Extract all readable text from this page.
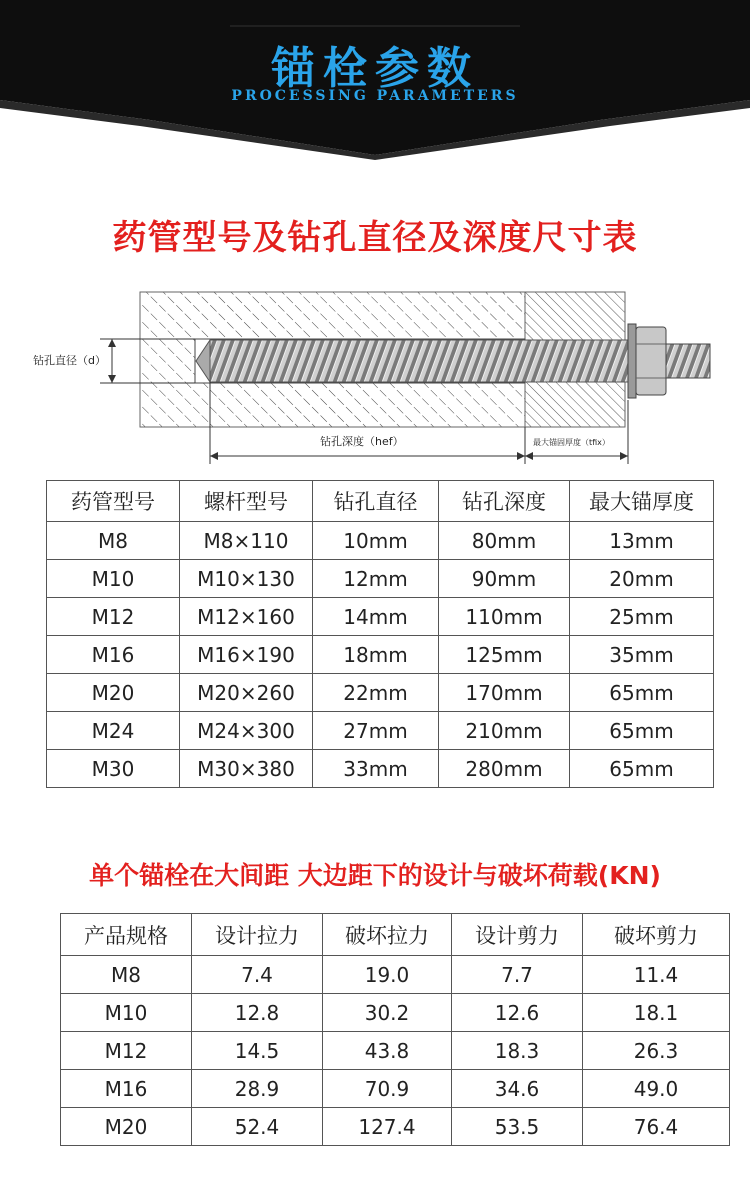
锚栓参数
PROCESSING PARAMETERS
药管型号及钻孔直径及深度尺寸表
钻孔直径（d）
钻孔深度（hef）	最大锚固厚度（tfix）
药管型号	螺杆型号	钻孔直径	钻孔深度	最大锚厚度
M8	M8×110	10mm	80mm	13mm
M10	M10×130	12mm	90mm	20mm
M12	M12×160	14mm	110mm	25mm
M16	M16×190	18mm	125mm	35mm
M20	M20×260	22mm	170mm	65mm
M24	M24×300	27mm	210mm	65mm
M30	M30×380	33mm	280mm	65mm
单个锚栓在大间距 大边距下的设计与破坏荷载(KN)
产品规格	设计拉力	破坏拉力	设计剪力	破坏剪力
M8	7.4	19.0	7.7	11.4
M10	12.8	30.2	12.6	18.1
M12	14.5	43.8	18.3	26.3
M16	28.9	70.9	34.6	49.0
M20	52.4	127.4	53.5	76.4
